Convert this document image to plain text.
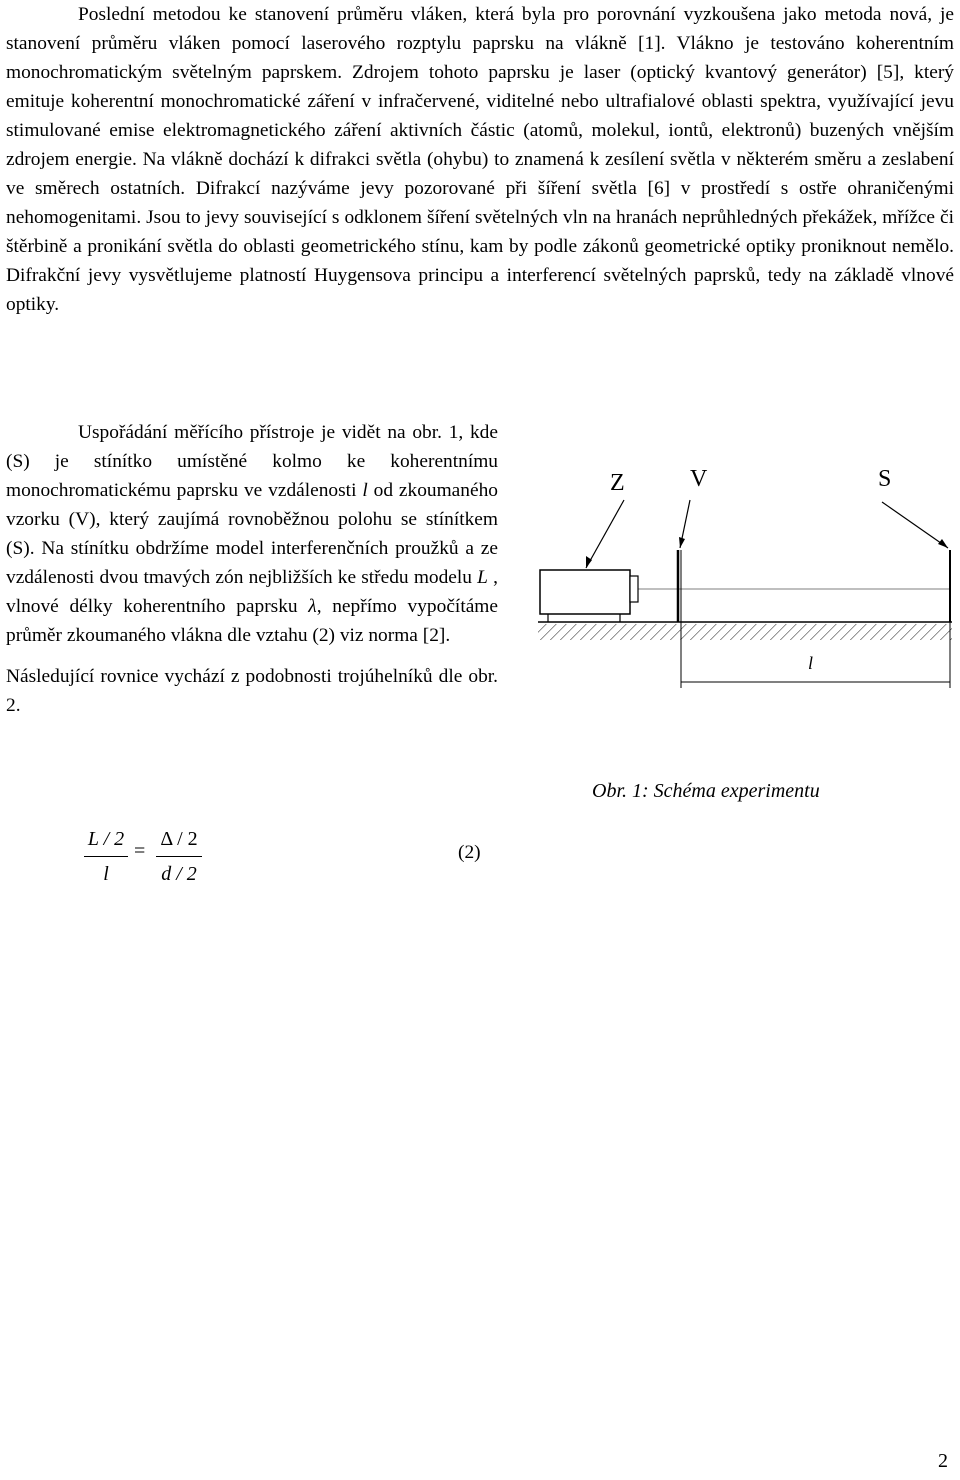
Poslední metodou ke stanovení průměru vláken, která byla pro porovnání vyzkoušena jako metoda nová, je stanovení průměru vláken pomocí laserového rozptylu paprsku na vlákně [1]. Vlákno je testováno koherentním monochromatickým světelným paprskem. Zdrojem tohoto paprsku je laser (optický kvantový generátor) [5], který emituje koherentní monochromatické záření v infračervené, viditelné nebo ultrafialové oblasti spektra, využívající jevu stimulované emise elektromagnetického záření aktivních částic (atomů, molekul, iontů, elektronů) buzených vnějším zdrojem energie. Na vlákně dochází k difrakci světla (ohybu) to znamená k zesílení světla v některém směru a zeslabení ve směrech ostatních. Difrakcí nazýváme jevy pozorované při šíření světla [6] v prostředí s ostře ohraničenými nehomogenitami. Jsou to jevy související s odklonem šíření světelných vln na hranách neprůhledných překážek, mřížce či štěrbině a pronikání světla do oblasti geometrického stínu, kam by podle zákonů geometrické optiky proniknout nemělo. Difrakční jevy vysvětlujeme platností Huygensova principu a interferencí světelných paprsků, tedy na základě vlnové optiky.

Uspořádání měřícího přístroje je vidět na obr. 1, kde (S) je stínítko umístěné kolmo ke koherentnímu monochromatickému paprsku ve vzdálenosti l od zkoumaného vzorku (V), který zaujímá rovnoběžnou polohu se stínítkem (S). Na stínítku obdržíme model interferenčních proužků a ze vzdálenosti dvou tmavých zón nejbližších ke středu modelu L , vlnové délky koherentního paprsku λ, nepřímo vypočítáme průměr zkoumaného vlákna dle vztahu (2) viz norma [2].

Následující rovnice vychází z podobnosti trojúhelníků dle obr. 2.

L / 2
l
=
Δ / 2
d / 2
(2)
Z	V	S
l
Obr. 1: Schéma experimentu
2
